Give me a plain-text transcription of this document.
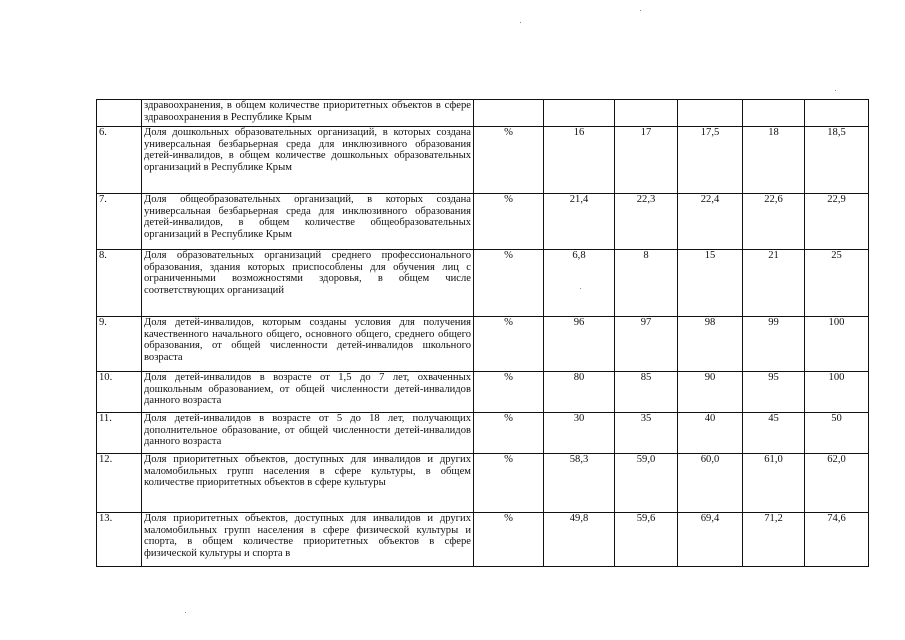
	здравоохранения, в общем количестве приоритетных объектов в сфере здравоохранения в Республике Крым						
6.	Доля дошкольных образовательных организаций, в которых создана универсальная безбарьерная среда для инклюзивного образования детей-инвалидов, в общем количестве дошкольных образовательных организаций в Республике Крым	%	16	17	17,5	18	18,5
7.	Доля общеобразовательных организаций, в которых создана универсальная безбарьерная среда для инклюзивного образования детей-инвалидов, в общем количестве общеобразовательных организаций в Республике Крым	%	21,4	22,3	22,4	22,6	22,9
8.	Доля образовательных организаций среднего профессионального образования, здания которых приспособлены для обучения лиц с ограниченными возможностями здоровья, в общем числе соответствующих организаций	%	6,8	8	15	21	25
9.	Доля детей-инвалидов, которым созданы условия для получения качественного начального общего, основного общего, среднего общего образования, от общей численности детей-инвалидов школьного возраста	%	96	97	98	99	100
10.	Доля детей-инвалидов в возрасте от 1,5 до 7 лет, охваченных дошкольным образованием, от общей численности детей-инвалидов данного возраста	%	80	85	90	95	100
11.	Доля детей-инвалидов в возрасте от 5 до 18 лет, получающих дополнительное образование, от общей численности детей-инвалидов данного возраста	%	30	35	40	45	50
12.	Доля приоритетных объектов, доступных для инвалидов и других маломобильных групп населения в сфере культуры, в общем количестве приоритетных объектов в сфере культуры	%	58,3	59,0	60,0	61,0	62,0
13.	Доля приоритетных объектов, доступных для инвалидов и других маломобильных групп населения в сфере физической культуры и спорта, в общем количестве приоритетных объектов в сфере физической культуры и спорта в	%	49,8	59,6	69,4	71,2	74,6
